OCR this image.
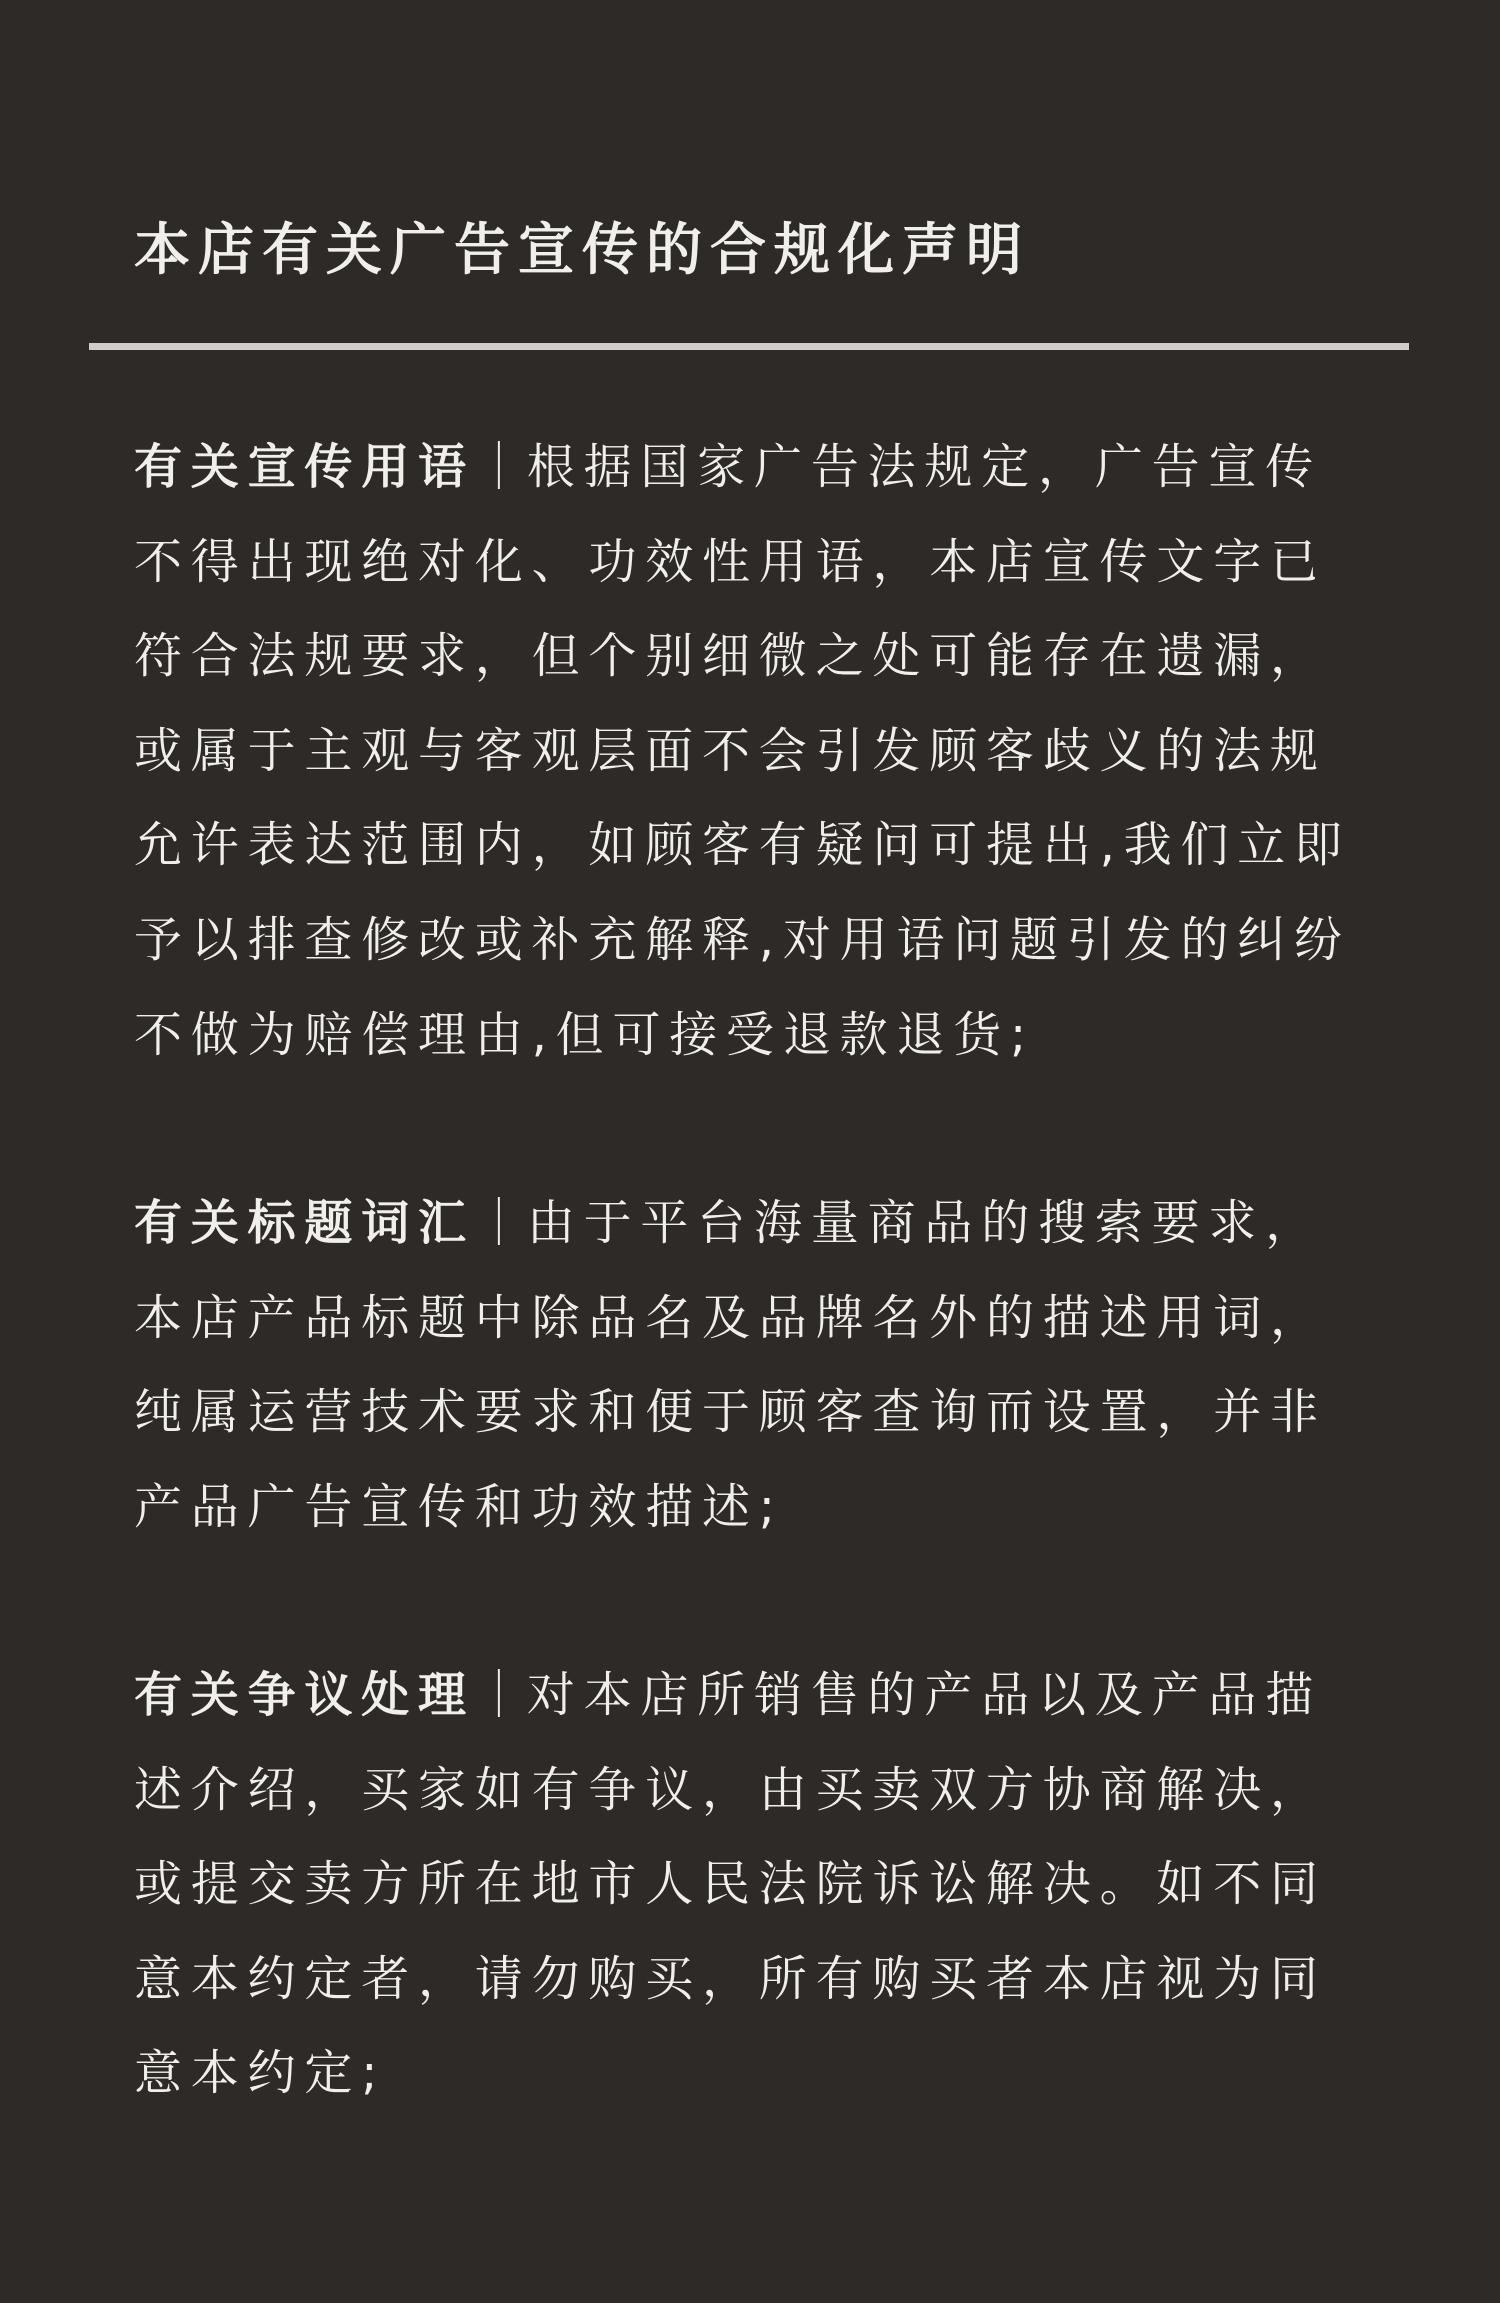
本店有关广告宣传的合规化声明

有关宣传用语｜根据国家广告法规定，广告宣传
不得出现绝对化、功效性用语，本店宣传文字已
符合法规要求，但个别细微之处可能存在遗漏，
或属于主观与客观层面不会引发顾客歧义的法规
允许表达范围内，如顾客有疑问可提出,我们立即
予以排查修改或补充解释,对用语问题引发的纠纷
不做为赔偿理由,但可接受退款退货;

有关标题词汇｜由于平台海量商品的搜索要求，
本店产品标题中除品名及品牌名外的描述用词，
纯属运营技术要求和便于顾客查询而设置，并非
产品广告宣传和功效描述;

有关争议处理｜对本店所销售的产品以及产品描
述介绍，买家如有争议，由买卖双方协商解决，
或提交卖方所在地市人民法院诉讼解决。如不同
意本约定者，请勿购买，所有购买者本店视为同
意本约定;
